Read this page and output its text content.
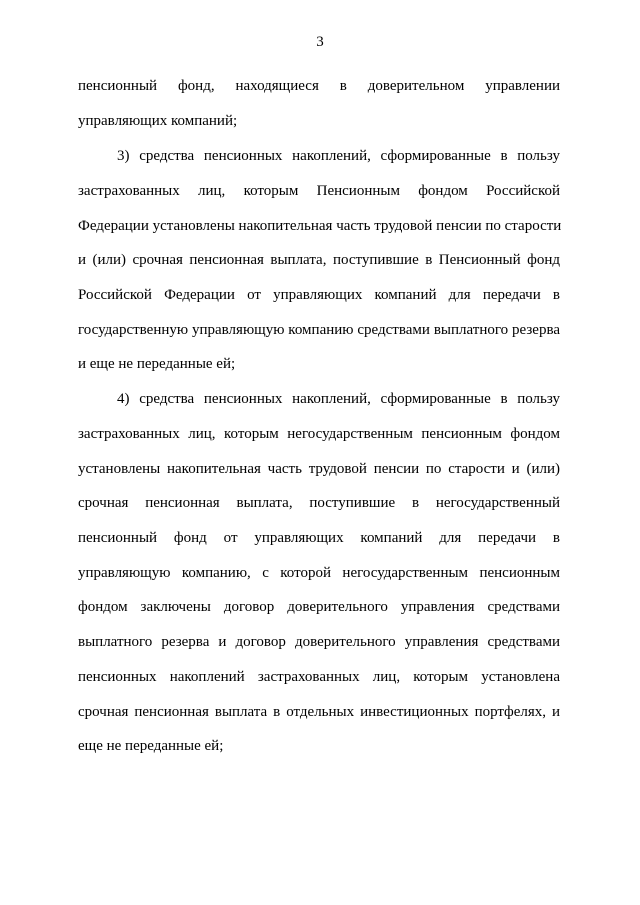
3
пенсионный фонд, находящиеся в доверительном управлении
управляющих компаний;
3) средства пенсионных накоплений, сформированные в пользу
застрахованных лиц, которым Пенсионным фондом Российской
Федерации установлены накопительная часть трудовой пенсии по старости
и (или) срочная пенсионная выплата, поступившие в Пенсионный фонд
Российской Федерации от управляющих компаний для передачи в
государственную управляющую компанию средствами выплатного резерва
и еще не переданные ей;
4) средства пенсионных накоплений, сформированные в пользу
застрахованных лиц, которым негосударственным пенсионным фондом
установлены накопительная часть трудовой пенсии по старости и (или)
срочная пенсионная выплата, поступившие в негосударственный
пенсионный фонд от управляющих компаний для передачи в
управляющую компанию, с которой негосударственным пенсионным
фондом заключены договор доверительного управления средствами
выплатного резерва и договор доверительного управления средствами
пенсионных накоплений застрахованных лиц, которым установлена
срочная пенсионная выплата в отдельных инвестиционных портфелях, и
еще не переданные ей;
